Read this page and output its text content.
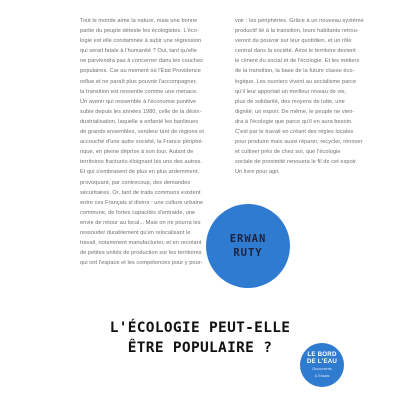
Tout le monde aime la nature, mais une bonne
partie du peuple déteste les écologistes. L'éco-
logie est elle condamnée à subir une régression
qui serait fatale à l'humanité ? Oui, tant qu'elle
ne parviendra pas à concerner dans les couches
populaires. Car au moment où l'État Providence
reflue et ne paraît plus pouvoir l'accompagner,
la transition est ressentie comme une menace.
Un avenir qui ressemble à l'économie punitive
subie depuis les années 1980, celle de la désin-
dustrialisation, laquelle a enfanté les banlieues
de grands ensembles, vendeur tant de régions et
accouché d'une autre société, la France périphé-
rique, en pleine déprise à son tour. Autant de
territoires fracturés éloignant les uns des autres.
Et qui s'embrasent de plus en plus ardemment,
provoquant, par contrecoup, des demandes
sécuritaires. Or, tant de traits communs existent
entre ces Français si divers : une culture urbaine
commune, de fortes capacités d'entraide, une
envie de retour au local... Mais on ne pourra les
ressouder durablement qu'en relocalisant le
travail, notamment manufacturier, et en recréant
de petites unités de production sur les territoires
qui ont l'espace et les compétences pour y pour-
voir : les périphéries. Grâce à un nouveau système
productif lié à la transition, leurs habitants retrou-
veront du pouvoir sur leur quotidien, et un rôle
central dans la société. Ainsi le territoire devient
le ciment du social et de l'écologie. Et les métiers
de la transition, la base de la future classe éco-
logique. Les ouvriers vivent au socialisme parce
qu'il leur apportait un meilleur niveau de vie,
plus de solidarité, des moyens de lutte, une
dignité, un espoir. De même, le peuple ne vien-
dra à l'écologie que parce qu'il en aura besoin.
C'est par le travail en créant des régies locales
pour produire mais aussi réparer, recycler, rénover
et cultiver près de chez soi, que l'écologie
sociale de proximité renouera le fil de cet espoir.
Un livre pour agir.
ERWAN
RUTY
L'ÉCOLOGIE PEUT-ELLE
ÊTRE POPULAIRE ?	LE BORD
DE L'EAU
Documents
& Essais
